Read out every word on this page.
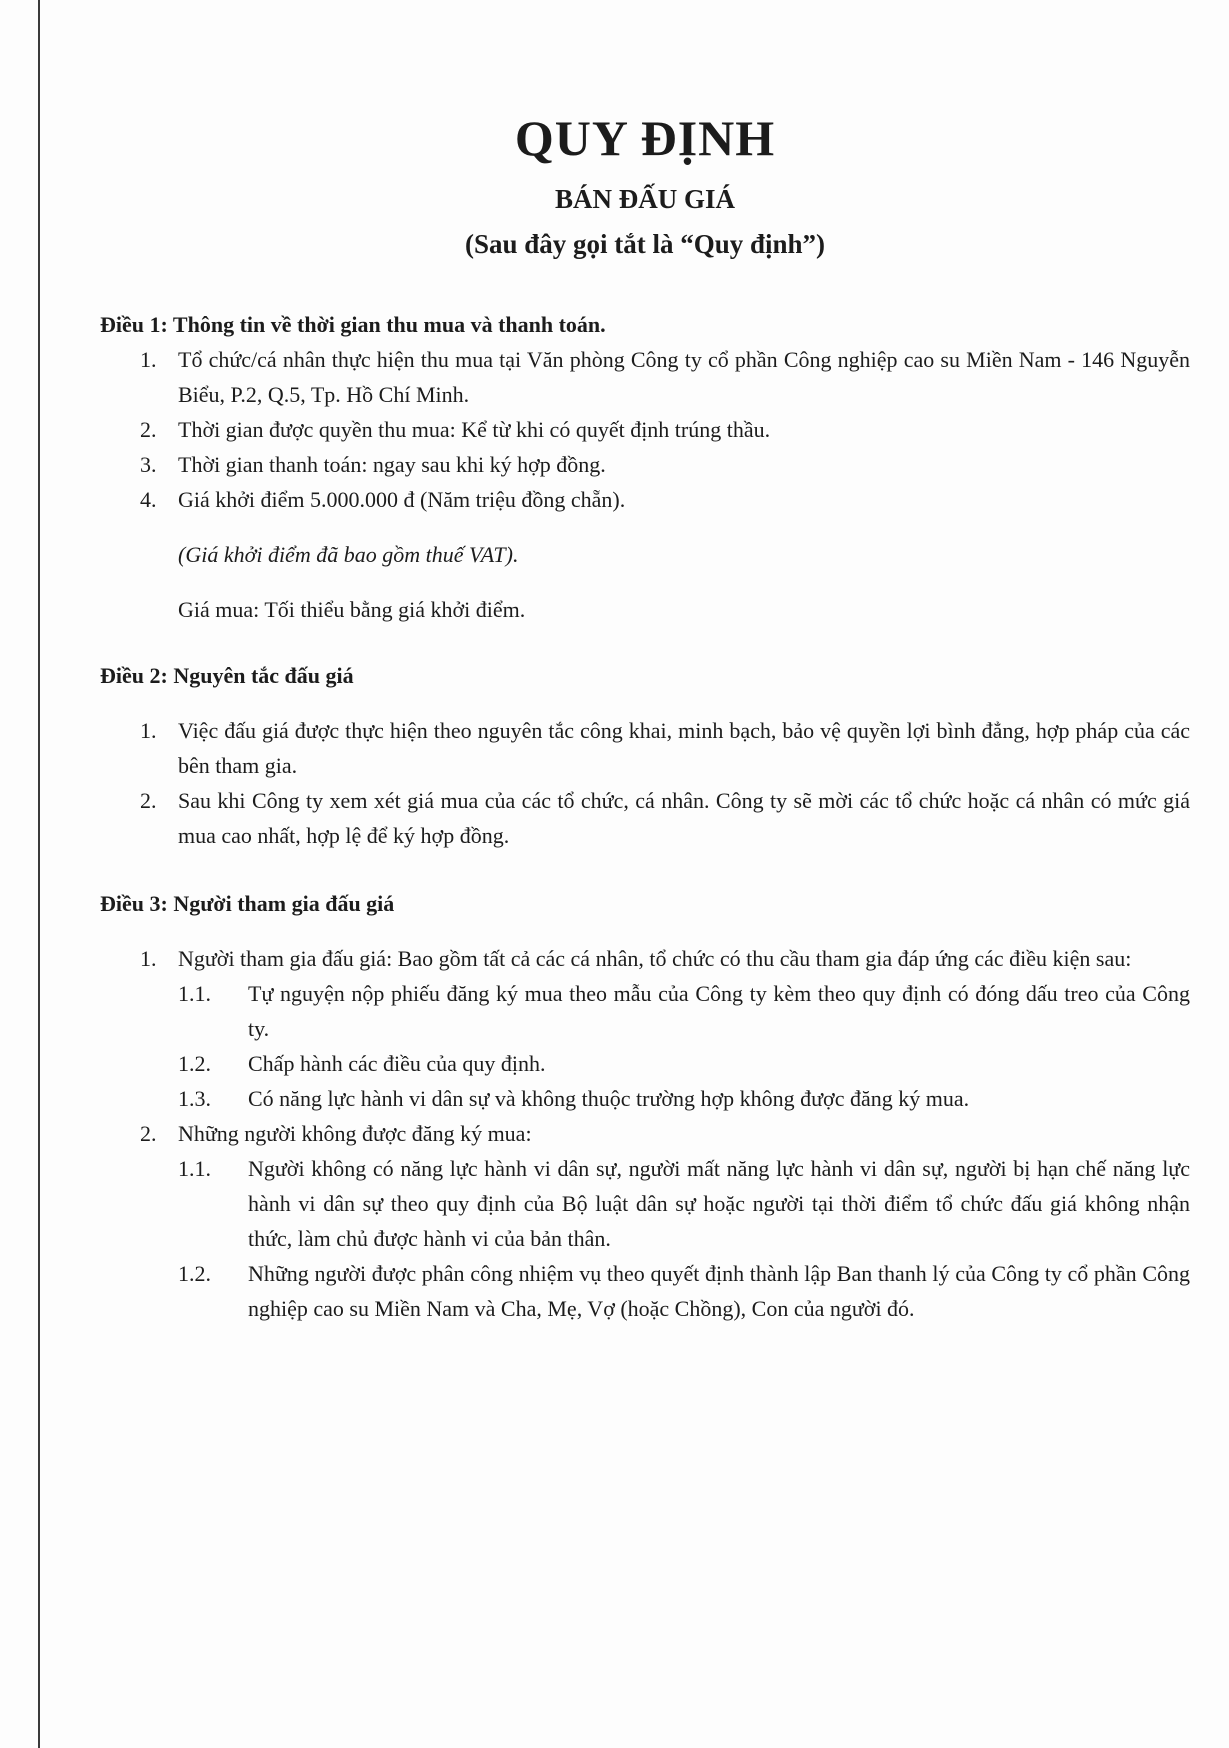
QUY ĐỊNH
BÁN ĐẤU GIÁ
(Sau đây gọi tắt là “Quy định”)
Điều 1: Thông tin về thời gian thu mua và thanh toán.
1. Tổ chức/cá nhân thực hiện thu mua tại Văn phòng Công ty cổ phần Công nghiệp cao su Miền Nam - 146 Nguyễn Biểu, P.2, Q.5, Tp. Hồ Chí Minh.
2. Thời gian được quyền thu mua: Kể từ khi có quyết định trúng thầu.
3. Thời gian thanh toán: ngay sau khi ký hợp đồng.
4. Giá khởi điểm 5.000.000 đ (Năm triệu đồng chẵn).
(Giá khởi điểm đã bao gồm thuế VAT).
Giá mua: Tối thiểu bằng giá khởi điểm.
Điều 2: Nguyên tắc đấu giá
1. Việc đấu giá được thực hiện theo nguyên tắc công khai, minh bạch, bảo vệ quyền lợi bình đẳng, hợp pháp của các bên tham gia.
2. Sau khi Công ty xem xét giá mua của các tổ chức, cá nhân. Công ty sẽ mời các tổ chức hoặc cá nhân có mức giá mua cao nhất, hợp lệ để ký hợp đồng.
Điều 3: Người tham gia đấu giá
1. Người tham gia đấu giá: Bao gồm tất cả các cá nhân, tổ chức có thu cầu tham gia đáp ứng các điều kiện sau:
1.1. Tự nguyện nộp phiếu đăng ký mua theo mẫu của Công ty kèm theo quy định có đóng dấu treo của Công ty.
1.2. Chấp hành các điều của quy định.
1.3. Có năng lực hành vi dân sự và không thuộc trường hợp không được đăng ký mua.
2. Những người không được đăng ký mua:
1.1. Người không có năng lực hành vi dân sự, người mất năng lực hành vi dân sự, người bị hạn chế năng lực hành vi dân sự theo quy định của Bộ luật dân sự hoặc người tại thời điểm tổ chức đấu giá không nhận thức, làm chủ được hành vi của bản thân.
1.2. Những người được phân công nhiệm vụ theo quyết định thành lập Ban thanh lý của Công ty cổ phần Công nghiệp cao su Miền Nam và Cha, Mẹ, Vợ (hoặc Chồng), Con của người đó.
